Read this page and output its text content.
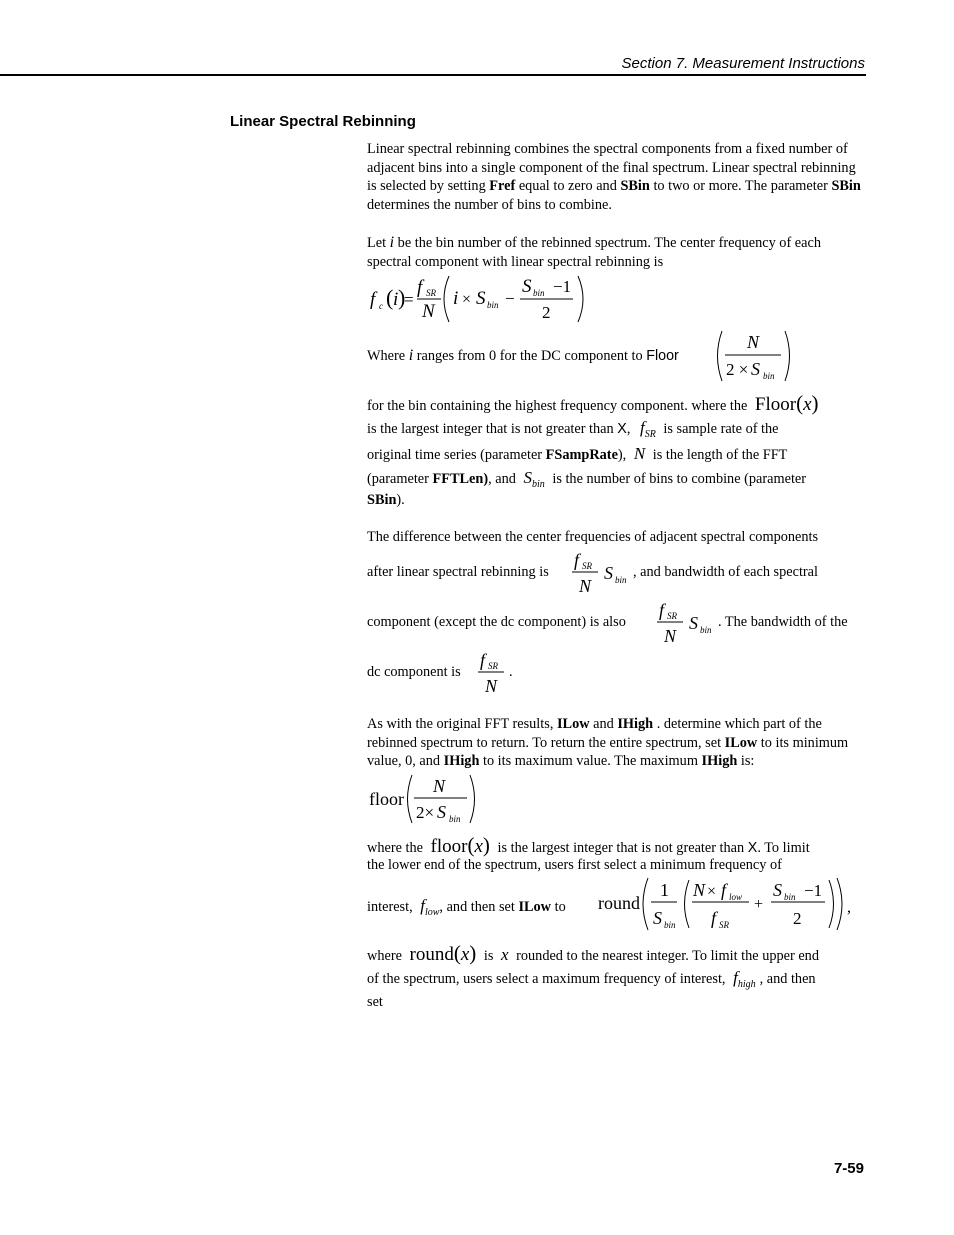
Section 7. Measurement Instructions
Linear Spectral Rebinning
Linear spectral rebinning combines the spectral components from a fixed number of adjacent bins into a single component of the final spectrum. Linear spectral rebinning is selected by setting Fref equal to zero and SBin to two or more. The parameter SBin determines the number of bins to combine.
Let i be the bin number of the rebinned spectrum. The center frequency of each spectral component with linear spectral rebinning is
f c ( i )
=
f SR
N
i × S bin −
S bin −1
2
Where i ranges from 0 for the DC component to Floor
N
2 × S bin
for the bin containing the highest frequency component. where the Floor(x)
is the largest integer that is not greater than X, $f_{SR}$ is sample rate of the
original time series (parameter FSampRate), N is the length of the FFT
(parameter FFTLen), and $S_{bin}$ is the number of bins to combine (parameter
SBin).
The difference between the center frequencies of adjacent spectral components
after linear spectral rebinning is
f SR
N
S bin , and bandwidth of each spectral
component (except the dc component) is also
f SR
N
S bin . The bandwidth of the
dc component is
f SR
N
.
As with the original FFT results, ILow and IHigh . determine which part of the rebinned spectrum to return. To return the entire spectrum, set ILow to its minimum value, 0, and IHigh to its maximum value. The maximum IHigh is:
floor
N
2× S bin
where the floor(x) is the largest integer that is not greater than X. To limit
the lower end of the spectrum, users first select a minimum frequency of
interest, $f_{low}$, and then set ILow to round
1
S bin
N × f low
f SR
+
S bin −1
2
,
where round(x) is x rounded to the nearest integer. To limit the upper end
of the spectrum, users select a maximum frequency of interest, $f_{high}$ , and then
set
7-59
